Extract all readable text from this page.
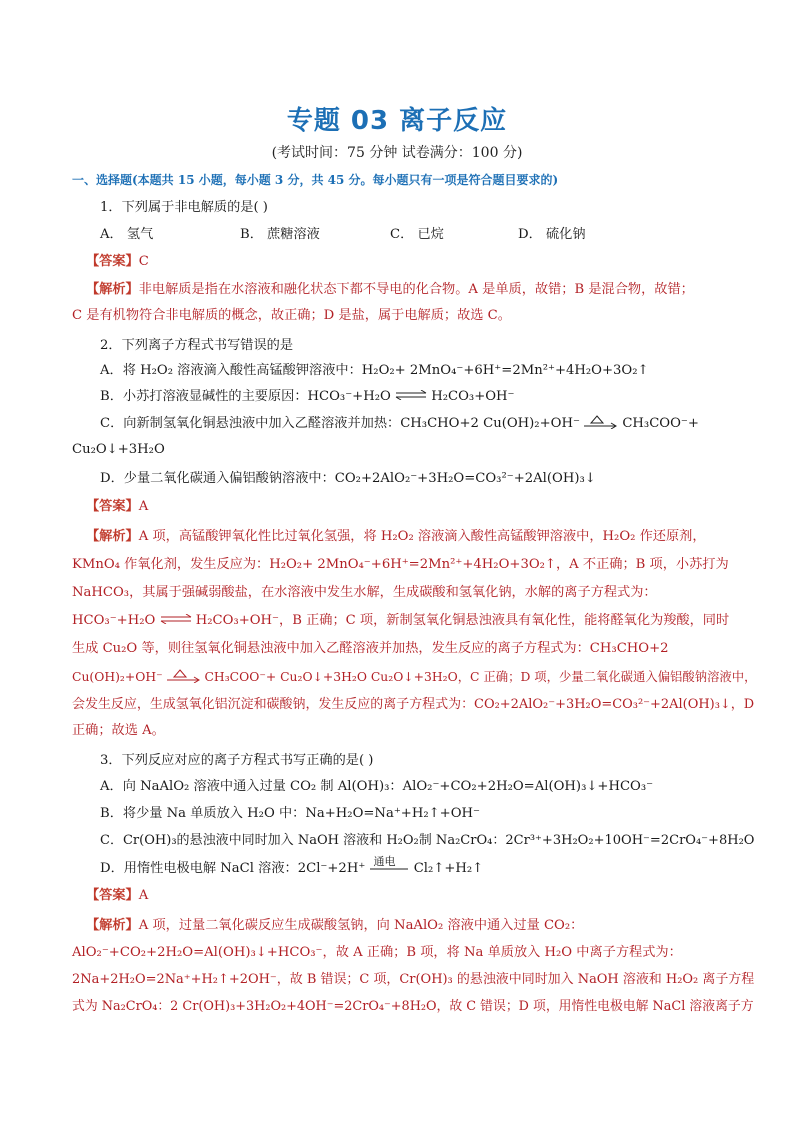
专题 03 离子反应
(考试时间：75 分钟 试卷满分：100 分)
一、选择题(本题共 15 小题，每小题 3 分，共 45 分。每小题只有一项是符合题目要求的)
1．下列属于非电解质的是( )
A． 氢气	B． 蔗糖溶液	C． 已烷	D． 硫化钠
【答案】C
【解析】非电解质是指在水溶液和融化状态下都不导电的化合物。A 是单质，故错；B 是混合物，故错；
C 是有机物符合非电解质的概念，故正确；D 是盐，属于电解质；故选 C。
2．下列离子方程式书写错误的是
A．将 H₂O₂ 溶液滴入酸性高锰酸钾溶液中：H₂O₂+ 2MnO₄⁻+6H⁺=2Mn²⁺+4H₂O+3O₂↑
B．小苏打溶液显碱性的主要原因：HCO₃⁻+H₂O ⇌ H₂CO₃+OH⁻
C．向新制氢氧化铜悬浊液中加入乙醛溶液并加热：CH₃CHO+2 Cu(OH)₂+OH⁻	CH₃COO⁻+
Cu₂O↓+3H₂O
D．少量二氧化碳通入偏铝酸钠溶液中：CO₂+2AlO₂⁻+3H₂O=CO₃²⁻+2Al(OH)₃↓
【答案】A
【解析】A 项，高锰酸钾氧化性比过氧化氢强，将 H₂O₂ 溶液滴入酸性高锰酸钾溶液中，H₂O₂ 作还原剂，
KMnO₄ 作氧化剂，发生反应为：H₂O₂+ 2MnO₄⁻+6H⁺=2Mn²⁺+4H₂O+3O₂↑，A 不正确；B 项，小苏打为
NaHCO₃，其属于强碱弱酸盐，在水溶液中发生水解，生成碳酸和氢氧化钠，水解的离子方程式为：
HCO₃⁻+H₂O ⇌ H₂CO₃+OH⁻，B 正确；C 项，新制氢氧化铜悬浊液具有氧化性，能将醛氧化为羧酸，同时
生成 Cu₂O 等，则往氢氧化铜悬浊液中加入乙醛溶液并加热，发生反应的离子方程式为：CH₃CHO+2
Cu(OH)₂+OH⁻	CH₃COO⁻+ Cu₂O↓+3H₂O Cu₂O↓+3H₂O，C 正确；D 项，少量二氧化碳通入偏铝酸钠溶液中，
会发生反应，生成氢氧化铝沉淀和碳酸钠，发生反应的离子方程式为：CO₂+2AlO₂⁻+3H₂O=CO₃²⁻+2Al(OH)₃↓，D
正确；故选 A。
3．下列反应对应的离子方程式书写正确的是( )
A．向 NaAlO₂ 溶液中通入过量 CO₂ 制 Al(OH)₃：AlO₂⁻+CO₂+2H₂O=Al(OH)₃↓+HCO₃⁻
B．将少量 Na 单质放入 H₂O 中：Na+H₂O=Na⁺+H₂↑+OH⁻
C．Cr(OH)₃的悬浊液中同时加入 NaOH 溶液和 H₂O₂制 Na₂CrO₄：2Cr³⁺+3H₂O₂+10OH⁻=2CrO₄⁻+8H₂O
D．用惰性电极电解 NaCl 溶液：2Cl⁻+2H⁺ 通电 Cl₂↑+H₂↑
【答案】A
【解析】A 项，过量二氧化碳反应生成碳酸氢钠，向 NaAlO₂ 溶液中通入过量 CO₂：
AlO₂⁻+CO₂+2H₂O=Al(OH)₃↓+HCO₃⁻，故 A 正确；B 项，将 Na 单质放入 H₂O 中离子方程式为：
2Na+2H₂O=2Na⁺+H₂↑+2OH⁻，故 B 错误；C 项，Cr(OH)₃ 的悬浊液中同时加入 NaOH 溶液和 H₂O₂ 离子方程
式为 Na₂CrO₄：2 Cr(OH)₃+3H₂O₂+4OH⁻=2CrO₄⁻+8H₂O，故 C 错误；D 项，用惰性电极电解 NaCl 溶液离子方
